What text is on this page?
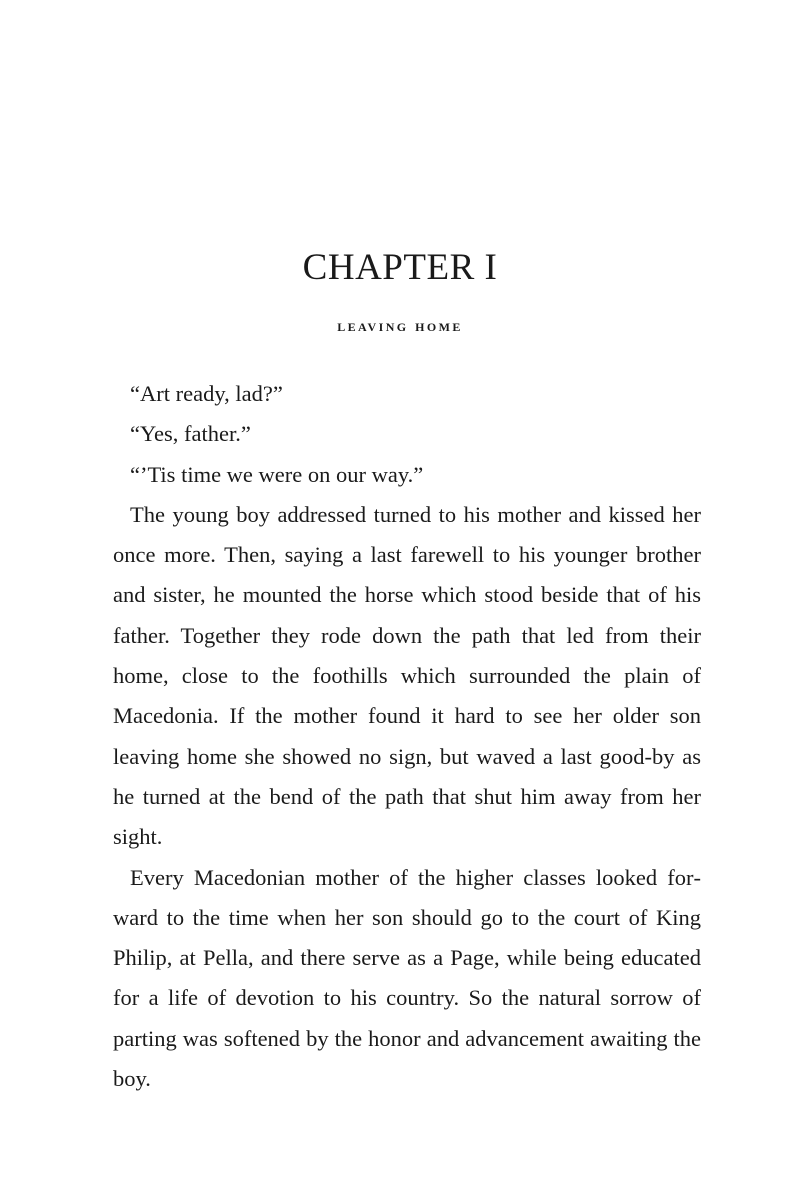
CHAPTER I
leaving home

“Art ready, lad?”

“Yes, father.”

“’Tis time we were on our way.”

The young boy addressed turned to his mother and kissed her once more. Then, saying a last farewell to his younger brother and sister, he mounted the horse which stood beside that of his father. Together they rode down the path that led from their home, close to the foothills which surrounded the plain of Macedonia. If the mother found it hard to see her older son leaving home she showed no sign, but waved a last good-by as he turned at the bend of the path that shut him away from her sight.

Every Macedonian mother of the higher classes looked forward to the time when her son should go to the court of King Philip, at Pella, and there serve as a Page, while being educated for a life of devotion to his country. So the natural sorrow of parting was softened by the honor and advancement awaiting the boy.
